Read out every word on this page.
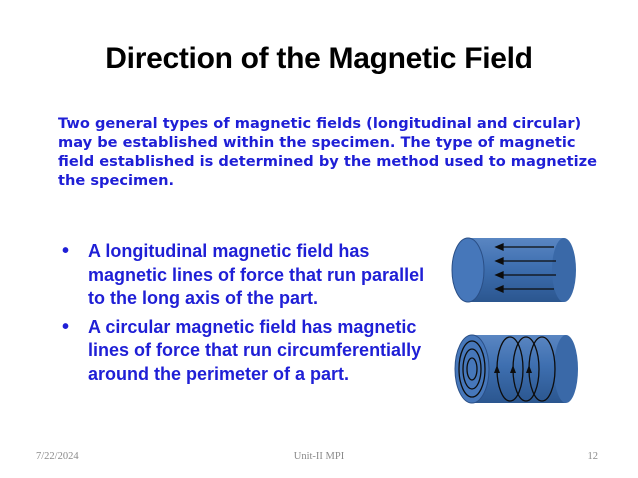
Direction of the Magnetic Field
Two general types of magnetic fields (longitudinal and circular) may be established within the specimen. The type of magnetic field established is determined by the method used to magnetize the specimen.
• A longitudinal magnetic field has magnetic lines of force that run parallel to the long axis of the part.
• A circular magnetic field has magnetic lines of force that run circumferentially around the perimeter of a part.
7/22/2024	Unit-II MPI	12
